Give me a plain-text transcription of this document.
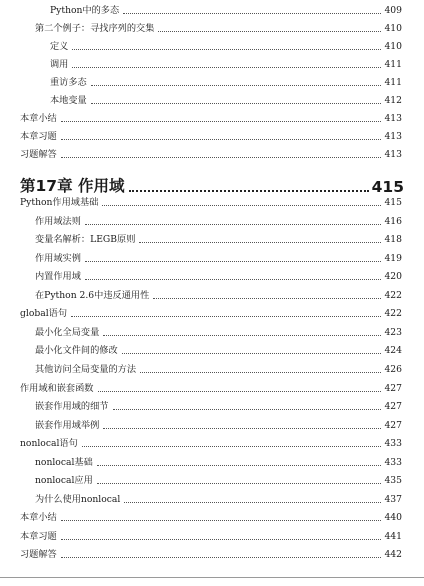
Python中的多态	409
第二个例子：寻找序列的交集	410
定义	410
调用	411
重访多态	411
本地变量	412
本章小结	413
本章习题	413
习题解答	413
第17章 作用域	415
Python作用域基础	415
作用域法则	416
变量名解析：LEGB原则	418
作用域实例	419
内置作用域	420
在Python 2.6中违反通用性	422
global语句	422
最小化全局变量	423
最小化文件间的修改	424
其他访问全局变量的方法	426
作用域和嵌套函数	427
嵌套作用域的细节	427
嵌套作用域举例	427
nonlocal语句	433
nonlocal基础	433
nonlocal应用	435
为什么使用nonlocal	437
本章小结	440
本章习题	441
习题解答	442
